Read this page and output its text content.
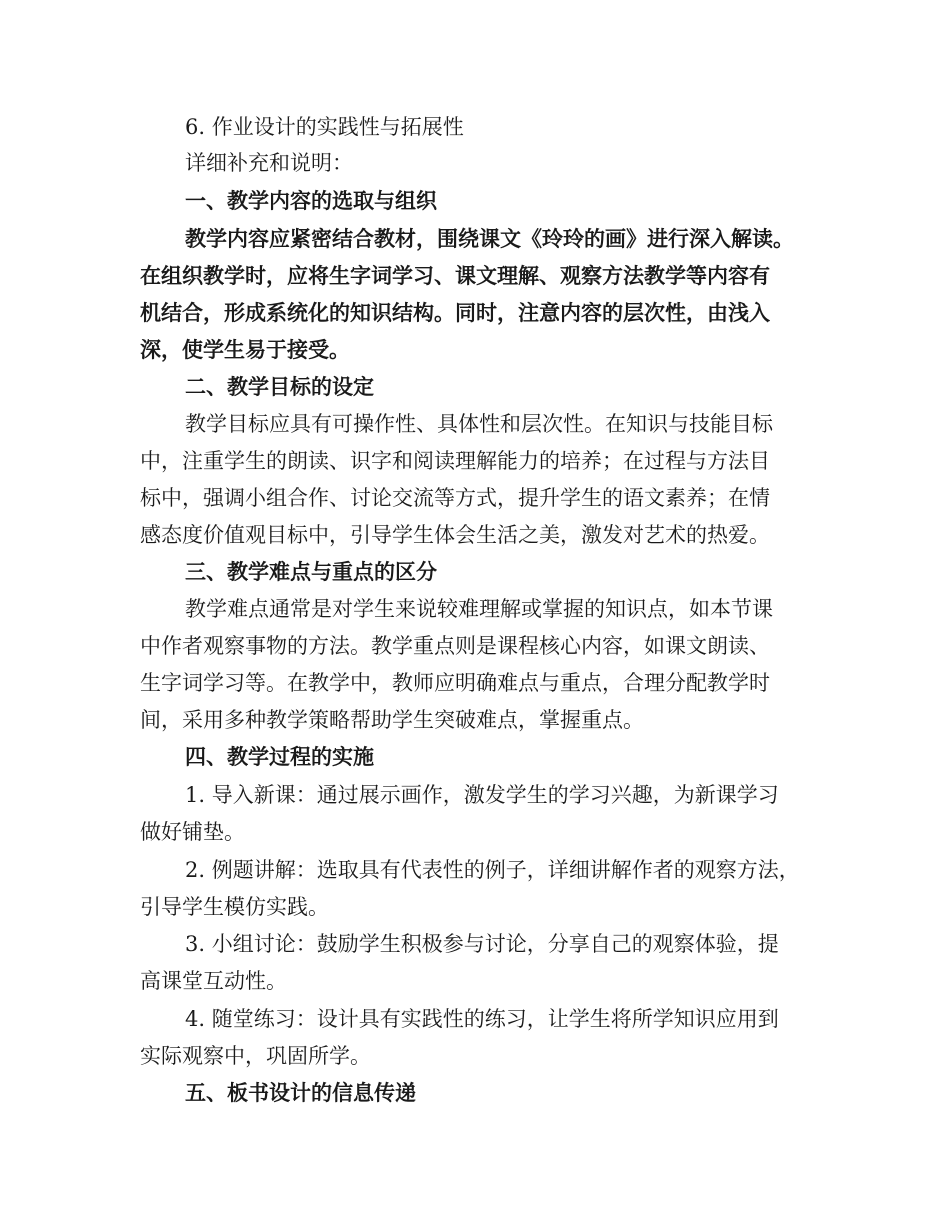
6. 作业设计的实践性与拓展性
详细补充和说明：
一、教学内容的选取与组织
教学内容应紧密结合教材，围绕课文《玲玲的画》进行深入解读。
在组织教学时，应将生字词学习、课文理解、观察方法教学等内容有
机结合，形成系统化的知识结构。同时，注意内容的层次性，由浅入
深，使学生易于接受。
二、教学目标的设定
教学目标应具有可操作性、具体性和层次性。在知识与技能目标
中，注重学生的朗读、识字和阅读理解能力的培养；在过程与方法目
标中，强调小组合作、讨论交流等方式，提升学生的语文素养；在情
感态度价值观目标中，引导学生体会生活之美，激发对艺术的热爱。
三、教学难点与重点的区分
教学难点通常是对学生来说较难理解或掌握的知识点，如本节课
中作者观察事物的方法。教学重点则是课程核心内容，如课文朗读、
生字词学习等。在教学中，教师应明确难点与重点，合理分配教学时
间，采用多种教学策略帮助学生突破难点，掌握重点。
四、教学过程的实施
1. 导入新课：通过展示画作，激发学生的学习兴趣，为新课学习
做好铺垫。
2. 例题讲解：选取具有代表性的例子，详细讲解作者的观察方法，
引导学生模仿实践。
3. 小组讨论：鼓励学生积极参与讨论，分享自己的观察体验，提
高课堂互动性。
4. 随堂练习：设计具有实践性的练习，让学生将所学知识应用到
实际观察中，巩固所学。
五、板书设计的信息传递
